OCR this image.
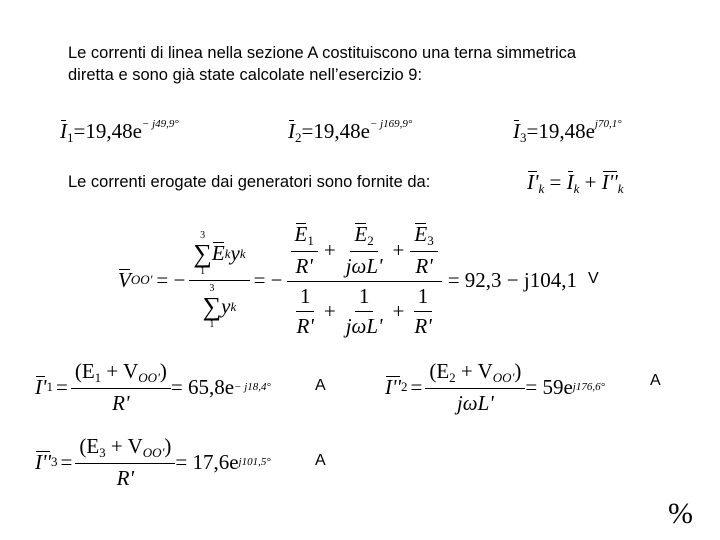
Le correnti di linea nella sezione A costituiscono una terna simmetrica

diretta e sono già state calcolate nell’esercizio 9:

$I_1=19,48e^{- j49,9^\circ}$	$I_2=19,48e^{- j169,9^\circ}$	$I_3=19,48e^{j70,1^\circ}$
Le correnti erogate dai generatori sono fornite da:	$I'_k = I_k + I''_k$
V OO' = − 3
∑
1
E k y k
3
∑
1
y k = − $\frac{\frac{E_1}{R'} + \frac{E_2}{\text{jωL'}} + \frac{E_3}{R'}}{\frac{1}{R'} + \frac{1}{\text{jωL'}} + \frac{1}{R'}} = 92,3 - j104,1$ V
I' $1 = \frac{(E_1 + V_{OO'})}{R'} = 65,8e - j18,4^\circ$	A	I'' $2 = \frac{(E_2 + V_{OO'})}{\text{jωL'}} = 59e$ j176,6°	A
I'' $3 = \frac{(E_3 + V_{OO'})}{R'} = 17,6e$ j101,5°	A
%
